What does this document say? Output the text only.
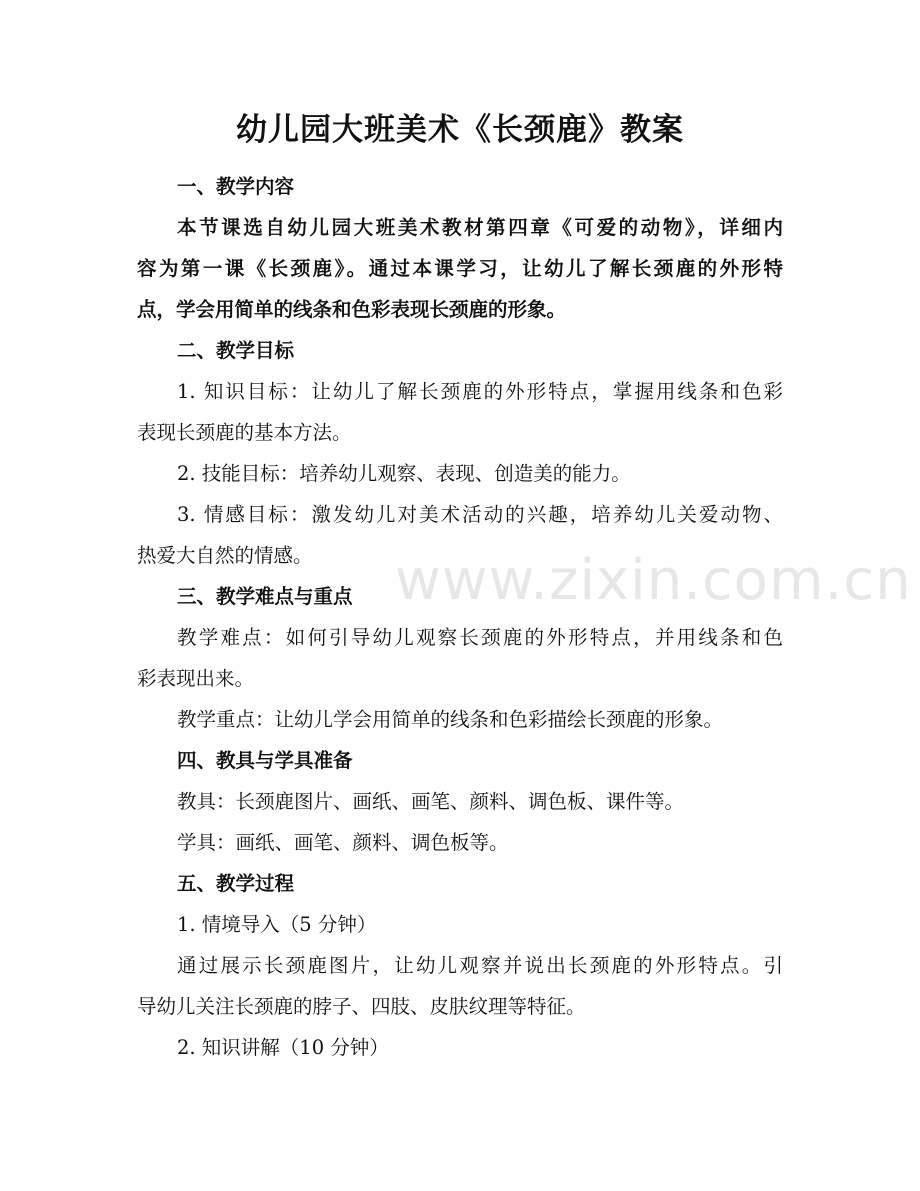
幼儿园大班美术《长颈鹿》教案
www.zixin.com.cn
一、教学内容
本节课选自幼儿园大班美术教材第四章《可爱的动物》，详细内
容为第一课《长颈鹿》。通过本课学习，让幼儿了解长颈鹿的外形特
点，学会用简单的线条和色彩表现长颈鹿的形象。
二、教学目标
1. 知识目标：让幼儿了解长颈鹿的外形特点，掌握用线条和色彩
表现长颈鹿的基本方法。
2. 技能目标：培养幼儿观察、表现、创造美的能力。
3. 情感目标：激发幼儿对美术活动的兴趣，培养幼儿关爱动物、
热爱大自然的情感。
三、教学难点与重点
教学难点：如何引导幼儿观察长颈鹿的外形特点，并用线条和色
彩表现出来。
教学重点：让幼儿学会用简单的线条和色彩描绘长颈鹿的形象。
四、教具与学具准备
教具：长颈鹿图片、画纸、画笔、颜料、调色板、课件等。
学具：画纸、画笔、颜料、调色板等。
五、教学过程
1. 情境导入（5 分钟）
通过展示长颈鹿图片，让幼儿观察并说出长颈鹿的外形特点。引
导幼儿关注长颈鹿的脖子、四肢、皮肤纹理等特征。
2. 知识讲解（10 分钟）
